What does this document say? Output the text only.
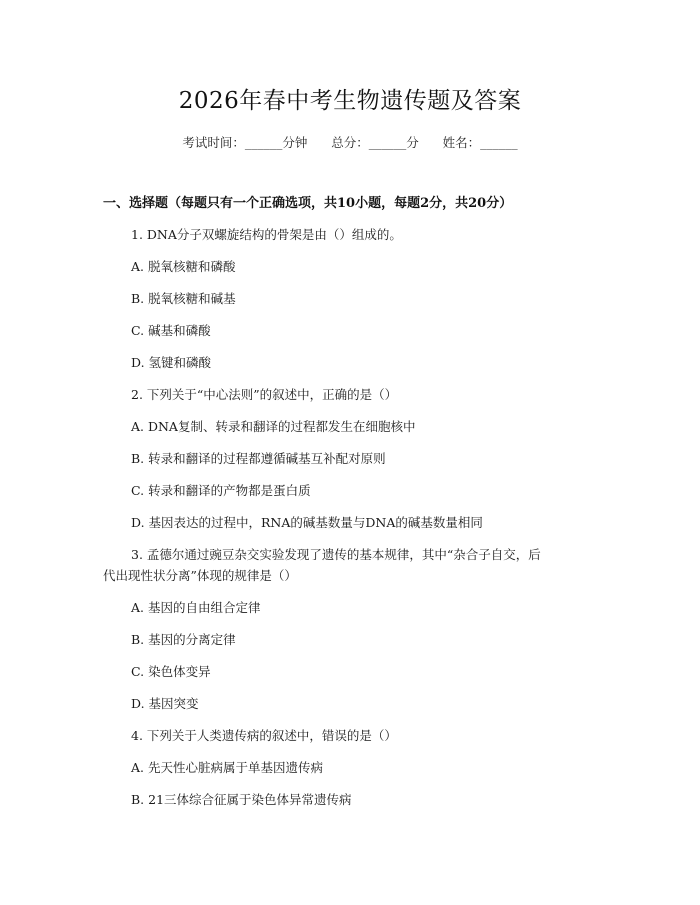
2026年春中考生物遗传题及答案
考试时间：______分钟      总分：______分      姓名：______
一、选择题（每题只有一个正确选项，共10小题，每题2分，共20分）
1. DNA分子双螺旋结构的骨架是由（）组成的。
A. 脱氧核糖和磷酸
B. 脱氧核糖和碱基
C. 碱基和磷酸
D. 氢键和磷酸
2. 下列关于“中心法则”的叙述中，正确的是（）
A. DNA复制、转录和翻译的过程都发生在细胞核中
B. 转录和翻译的过程都遵循碱基互补配对原则
C. 转录和翻译的产物都是蛋白质
D. 基因表达的过程中，RNA的碱基数量与DNA的碱基数量相同
3. 孟德尔通过豌豆杂交实验发现了遗传的基本规律，其中“杂合子自交，后
代出现性状分离”体现的规律是（）
A. 基因的自由组合定律
B. 基因的分离定律
C. 染色体变异
D. 基因突变
4. 下列关于人类遗传病的叙述中，错误的是（）
A. 先天性心脏病属于单基因遗传病
B. 21三体综合征属于染色体异常遗传病
